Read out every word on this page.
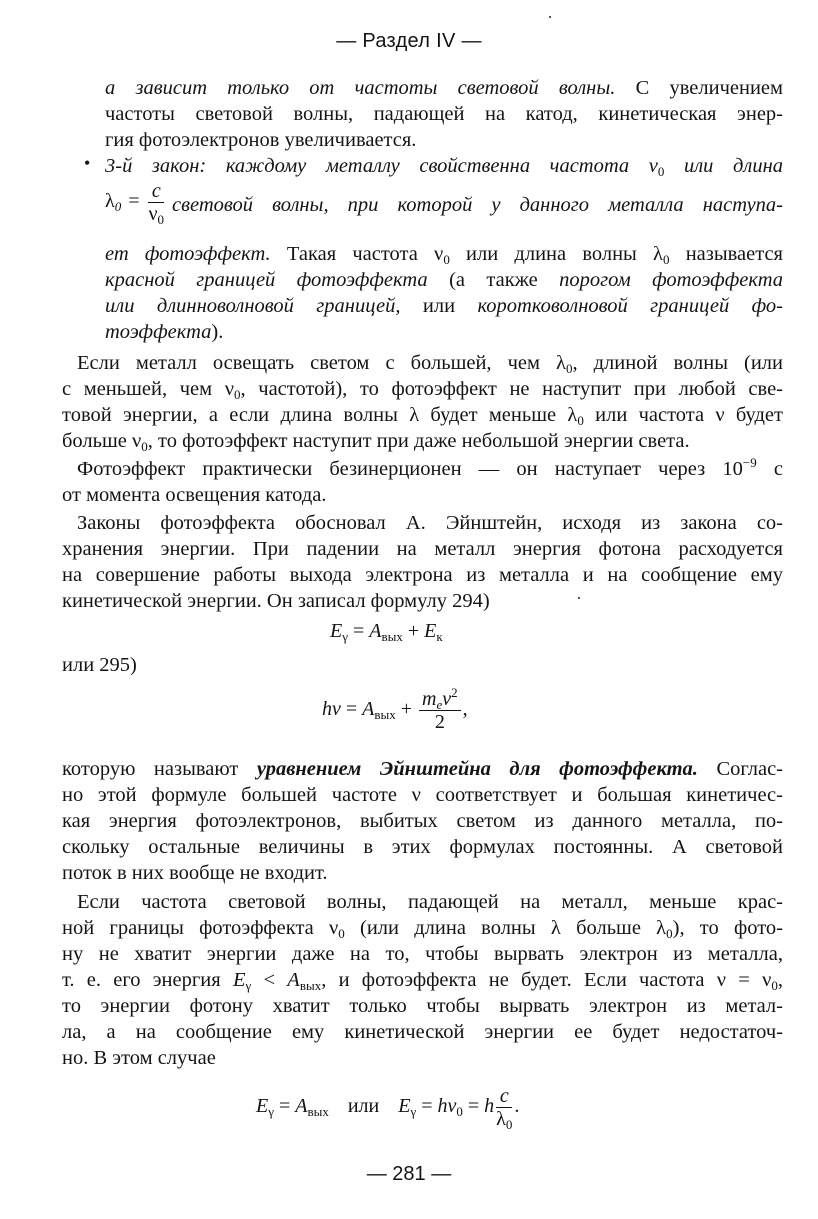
— Раздел IV —
а зависит только от частоты световой волны. С увеличением
частоты световой волны, падающей на катод, кинетическая энер-
гия фотоэлектронов увеличивается.
• 3-й закон: каждому металлу свойственна частота $\nu_0$ или длина
$\lambda_0 = \frac{c}{\nu_0}$ световой волны, при которой у данного металла наступа-
ет фотоэффект. Такая частота $\nu_0$ или длина волны $\lambda_0$ называется
красной границей фотоэффекта (а также порогом фотоэффекта
или длинноволновой границей, или коротковолновой границей фо-
тоэффекта).
Если металл освещать светом с большей, чем $\lambda_0$, длиной волны (или
с меньшей, чем $\nu_0$, частотой), то фотоэффект не наступит при любой све-
товой энергии, а если длина волны λ будет меньше $\lambda_0$ или частота ν будет
больше $\nu_0$, то фотоэффект наступит при даже небольшой энергии света.
Фотоэффект практически безинерционен — он наступает через $10^{-9}$ с
от момента освещения катода.
Законы фотоэффекта обосновал А. Эйнштейн, исходя из закона со-
хранения энергии. При падении на металл энергия фотона расходуется
на совершение работы выхода электрона из металла и на сообщение ему
кинетической энергии. Он записал формулу 294)
$E_\gamma = A_{вых} + E_к$
или 295)
$h\nu = A_{вых} + \frac{m_ev^2}{2}$ ,
которую называют уравнением Эйнштейна для фотоэффекта. Соглас-
но этой формуле большей частоте ν соответствует и большая кинетичес-
кая энергия фотоэлектронов, выбитых светом из данного металла, по-
скольку остальные величины в этих формулах постоянны. А световой
поток в них вообще не входит.
Если частота световой волны, падающей на металл, меньше крас-
ной границы фотоэффекта $\nu_0$ (или длина волны λ больше $\lambda_0$), то фото-
ну не хватит энергии даже на то, чтобы вырвать электрон из металла,
т. е. его энергия $E_\gamma < A_{вых}$, и фотоэффекта не будет. Если частота $\nu = \nu_0$,
то энергии фотону хватит только чтобы вырвать электрон из метал-
ла, а на сообщение ему кинетической энергии ее будет недостаточ-
но. В этом случае
$E_\gamma = A_{вых}$ или $E_\gamma = h\nu_0 = h \frac{c}{\lambda_0}$ .
— 281 —
